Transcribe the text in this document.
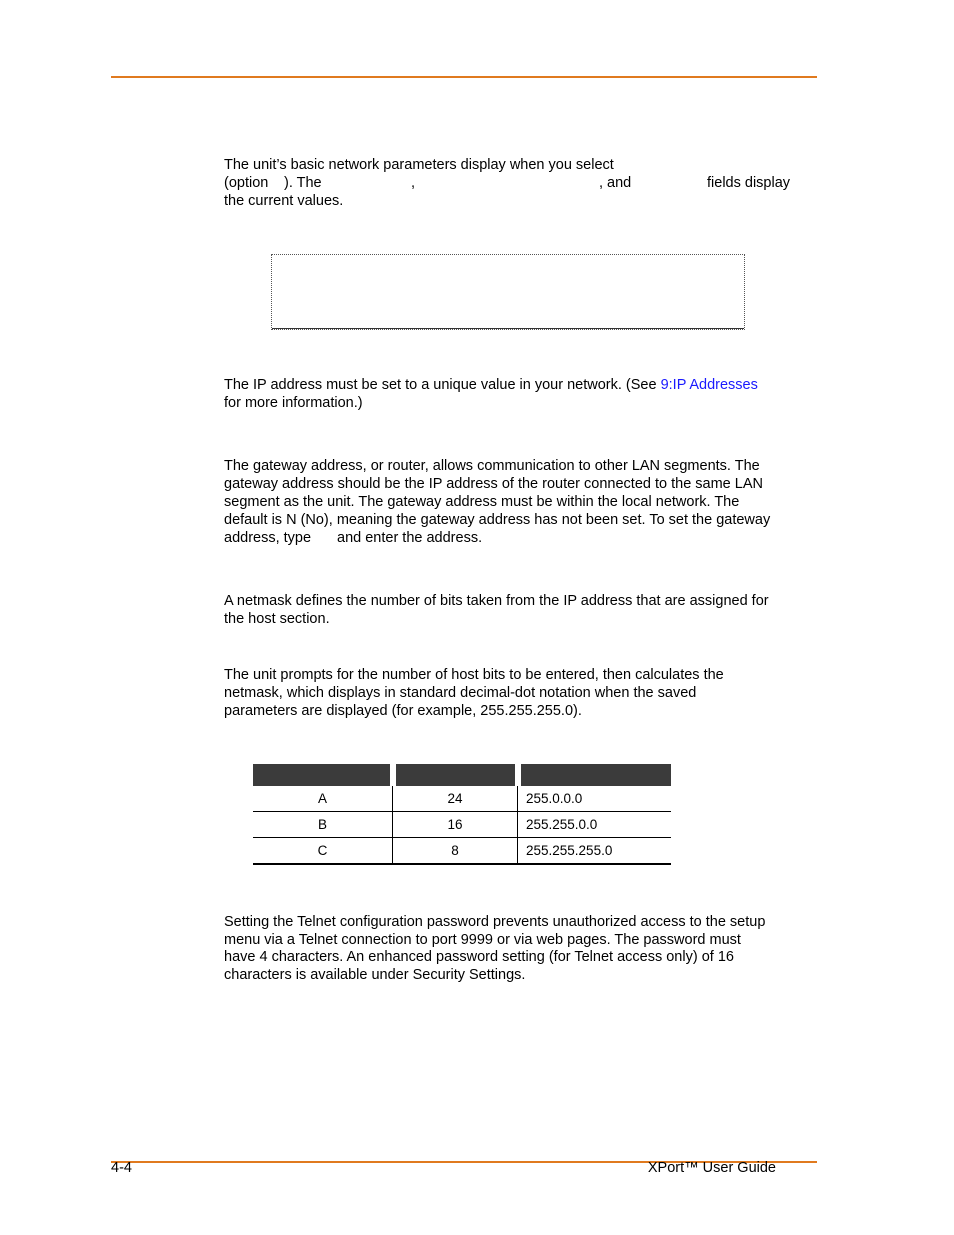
The unit’s basic network parameters display when you select
(option ). The	,	, and	fields display
the current values.
The IP address must be set to a unique value in your network. (See 9:IP Addresses
for more information.)
The gateway address, or router, allows communication to other LAN segments. The
gateway address should be the IP address of the router connected to the same LAN
segment as the unit. The gateway address must be within the local network. The
default is N (No), meaning the gateway address has not been set. To set the gateway
address, type and enter the address.
A netmask defines the number of bits taken from the IP address that are assigned for
the host section.
The unit prompts for the number of host bits to be entered, then calculates the
netmask, which displays in standard decimal-dot notation when the saved
parameters are displayed (for example, 255.255.255.0).

A	24	255.0.0.0
B	16	255.255.0.0
C	8	255.255.255.0
Setting the Telnet configuration password prevents unauthorized access to the setup
menu via a Telnet connection to port 9999 or via web pages. The password must
have 4 characters. An enhanced password setting (for Telnet access only) of 16
characters is available under Security Settings.
4-4	XPort™ User Guide
